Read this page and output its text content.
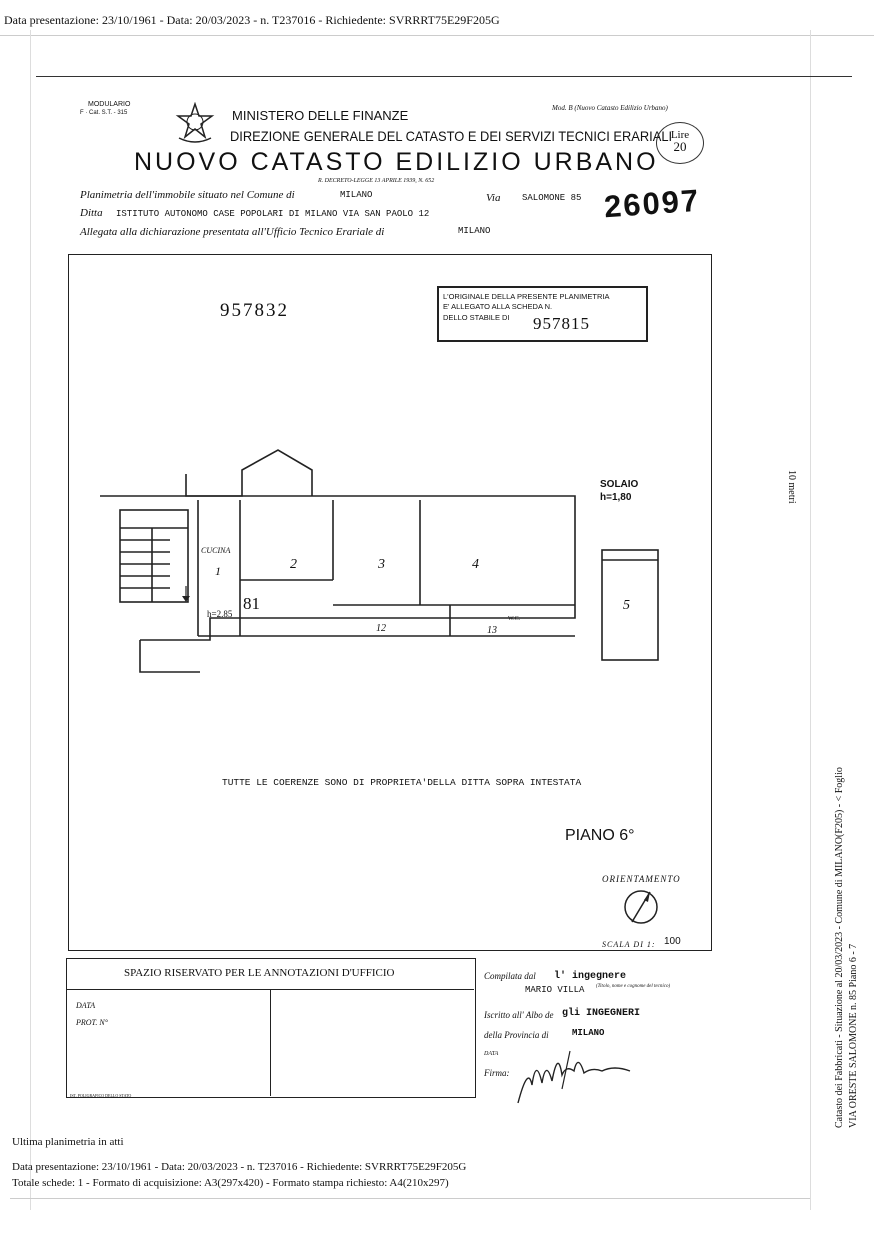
Data presentazione: 23/10/1961 - Data: 20/03/2023 - n. T237016 - Richiedente: SVRRRT75E29F205G
MODULARIO
F · Cat. S.T. - 315	MINISTERO DELLE FINANZE
DIREZIONE GENERALE DEL CATASTO E DEI SERVIZI TECNICI ERARIALI
Mod. B (Nuovo Catasto Edilizio Urbano)
Lire
20
NUOVO CATASTO EDILIZIO URBANO
R. DECRETO-LEGGE 13 APRILE 1939, N. 652
Planimetria dell'immobile situato nel Comune di	MILANO	Via SALOMONE 85
Ditta ISTITUTO AUTONOMO CASE POPOLARI DI MILANO VIA SAN PAOLO 12
Allegata alla dichiarazione presentata all'Ufficio Tecnico Erariale di	MILANO
26097
957832
L'ORIGINALE DELLA PRESENTE PLANIMETRIA
E' ALLEGATO ALLA SCHEDA N.
DELLO STABILE DI 957815
SOLAIO
h=1,80
CUCINA
1	2	3	4
5
81
h=2.85
12	13
W.C.
TUTTE LE COERENZE SONO DI PROPRIETA'DELLA DITTA SOPRA INTESTATA
PIANO 6°
ORIENTAMENTO
SCALA DI 1: 100
SPAZIO RISERVATO PER LE ANNOTAZIONI D'UFFICIO
DATA
PROT. N°
IST. POLIGRAFICO DELLO STATO
Compilata dal l' ingegnere
MARIO VILLA (Titolo, nome e cognome del tecnico)
Iscritto all' Albo de gli INGEGNERI
della Provincia di	MILANO
DATA
Firma:
10 metri
Catasto dei Fabbricati - Situazione al 20/03/2023 - Comune di MILANO(F205) - < Foglio VIA ORESTE SALOMONE n. 85 Piano 6 - 7
Ultima planimetria in atti
Data presentazione: 23/10/1961 - Data: 20/03/2023 - n. T237016 - Richiedente: SVRRRT75E29F205G
Totale schede: 1 - Formato di acquisizione: A3(297x420) - Formato stampa richiesto: A4(210x297)
